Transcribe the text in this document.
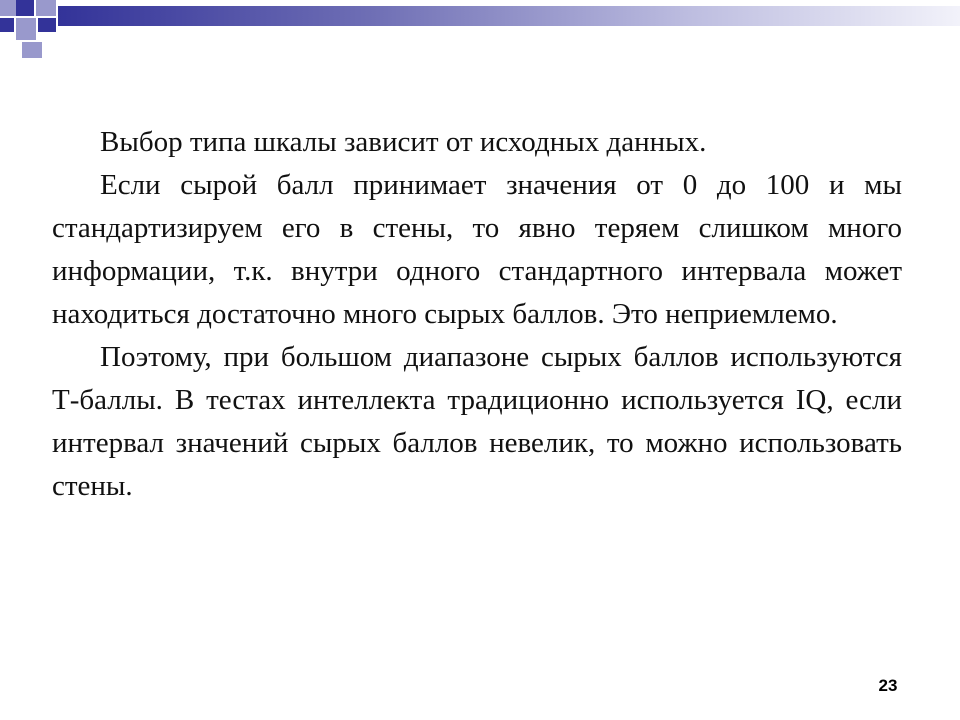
Выбор типа шкалы зависит от исходных данных.

Если сырой балл принимает значения от 0 до 100 и мы стандартизируем его в стены, то явно теряем слишком много информации, т.к. внутри одного стандартного интервала может находиться достаточно много сырых баллов. Это неприемлемо.

Поэтому, при большом диапазоне сырых баллов используются Т-баллы. В тестах интеллекта традиционно используется IQ, если интервал значений сырых баллов невелик, то можно использовать стены.

23
